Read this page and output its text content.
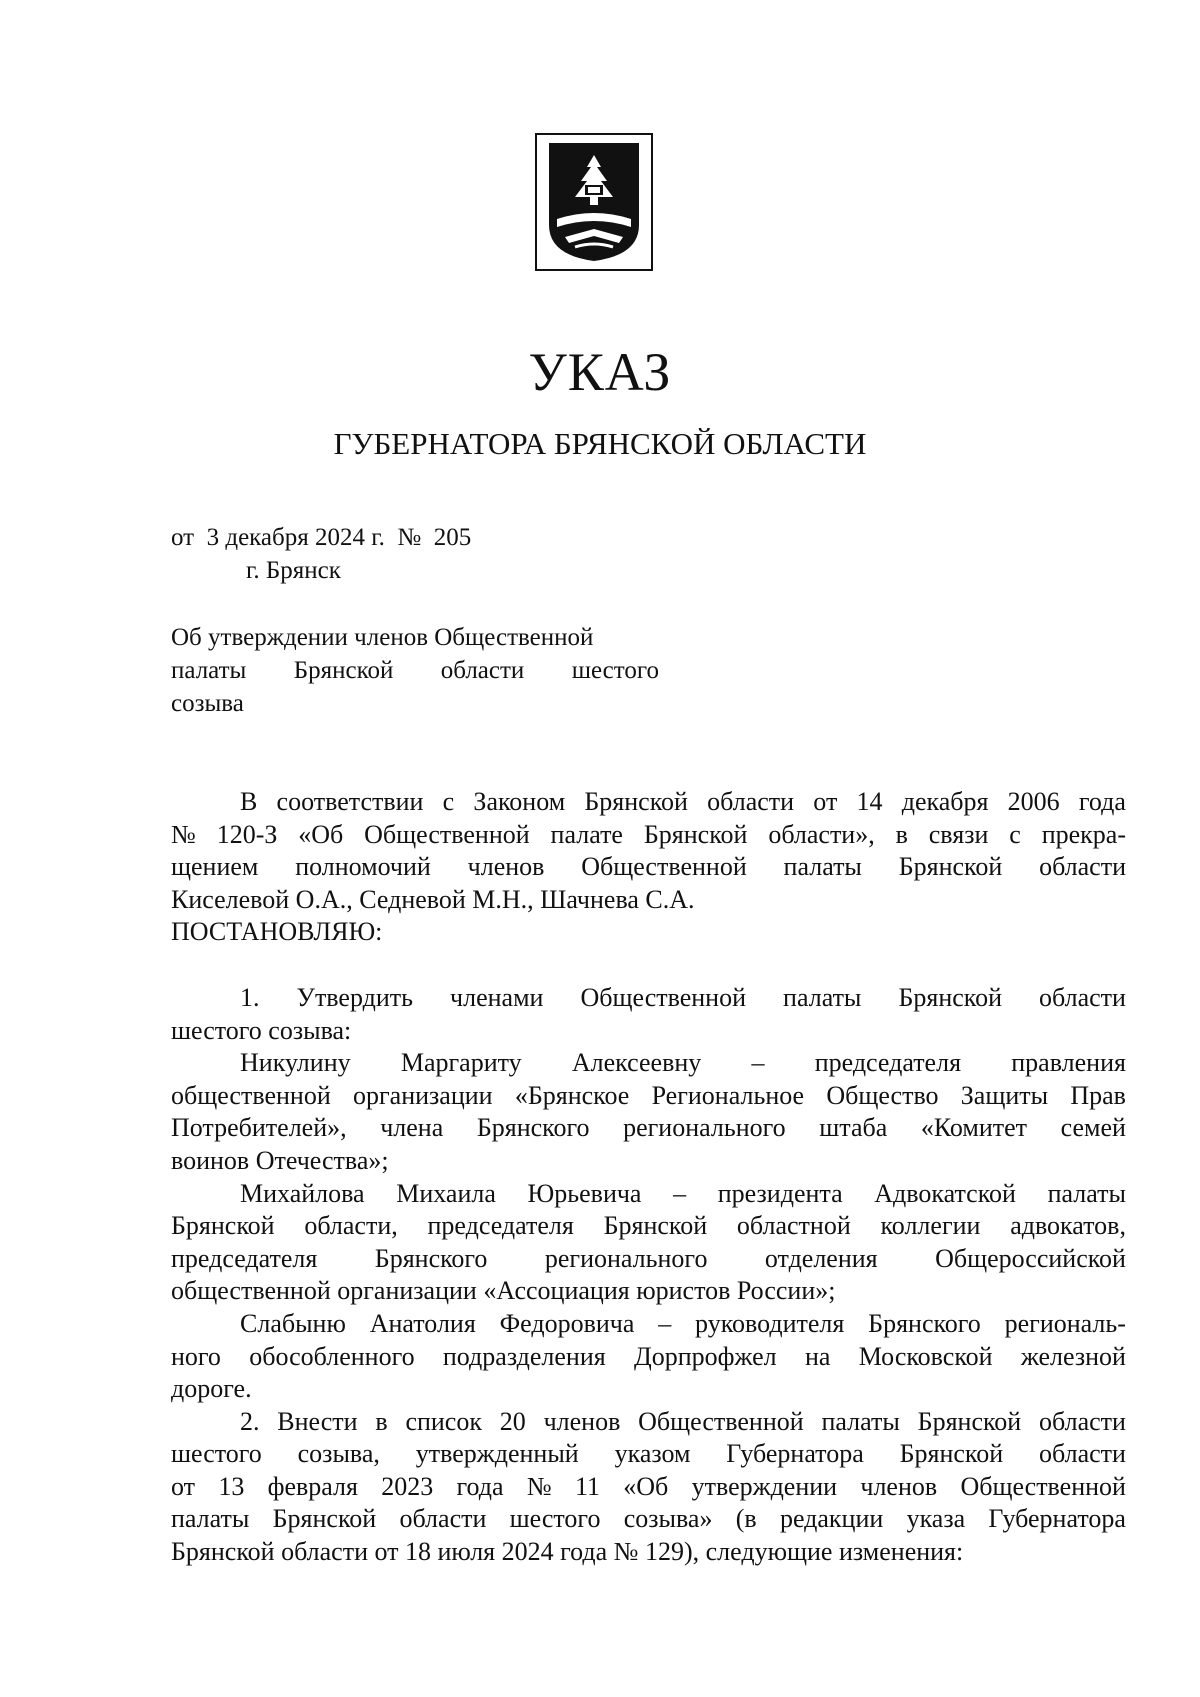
УКАЗ
ГУБЕРНАТОРА БРЯНСКОЙ ОБЛАСТИ
от  3 декабря 2024 г.  №  205
г. Брянск
Об утверждении членов Общественной
палаты Брянской области шестого
созыва
В соответствии с Законом Брянской области от 14 декабря 2006 года
№ 120-З «Об Общественной палате Брянской области», в связи с прекра-
щением полномочий членов Общественной палаты Брянской области
Киселевой О.А., Седневой М.Н., Шачнева С.А.
ПОСТАНОВЛЯЮ:
1. Утвердить членами Общественной палаты Брянской области
шестого созыва:
Никулину Маргариту Алексеевну – председателя правления
общественной организации «Брянское Региональное Общество Защиты Прав
Потребителей», члена Брянского регионального штаба «Комитет семей
воинов Отечества»;
Михайлова Михаила Юрьевича – президента Адвокатской палаты
Брянской области, председателя Брянской областной коллегии адвокатов,
председателя Брянского регионального отделения Общероссийской
общественной организации «Ассоциация юристов России»;
Слабыню Анатолия Федоровича – руководителя Брянского региональ-
ного обособленного подразделения Дорпрофжел на Московской железной
дороге.
2. Внести в список 20 членов Общественной палаты Брянской области
шестого созыва, утвержденный указом Губернатора Брянской области
от 13 февраля 2023 года № 11 «Об утверждении членов Общественной
палаты Брянской области шестого созыва» (в редакции указа Губернатора
Брянской области от 18 июля 2024 года № 129), следующие изменения:
